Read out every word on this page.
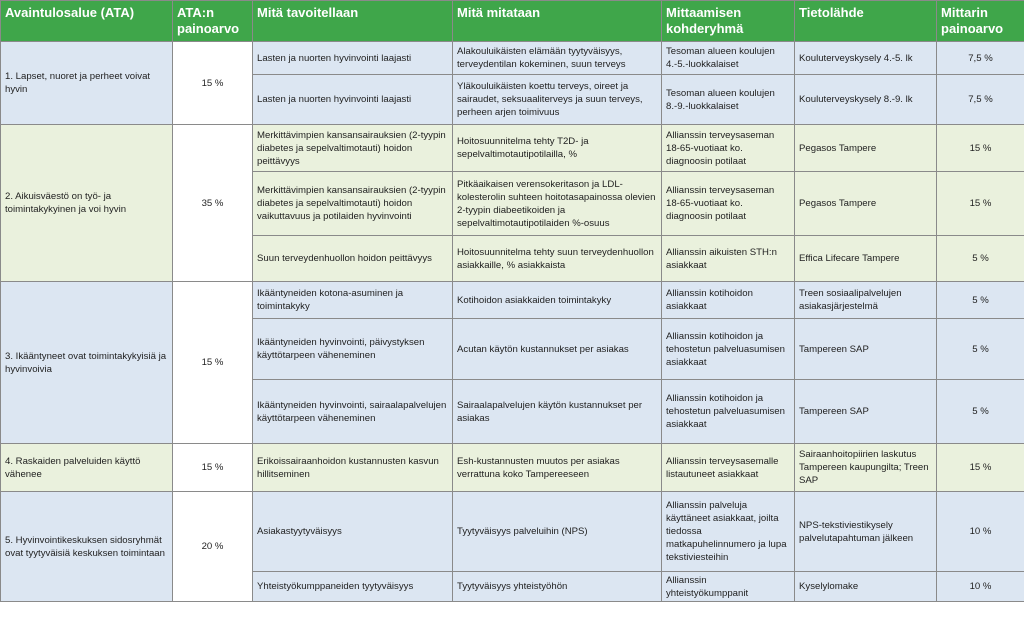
Avaintulosalue (ATA)	ATA:n painoarvo	Mitä tavoitellaan	Mitä mitataan	Mittaamisen kohderyhmä	Tietolähde	Mittarin painoarvo
1. Lapset, nuoret ja perheet voivat hyvin	15 %	Lasten ja nuorten hyvinvointi laajasti	Alakouluikäisten elämään tyytyväisyys, terveydentilan kokeminen, suun terveys	Tesoman alueen koulujen 4.-5.-luokkalaiset	Kouluterveyskysely 4.-5. lk	7,5 %
		Lasten ja nuorten hyvinvointi laajasti	Yläkouluikäisten koettu terveys, oireet ja sairaudet, seksuaaliterveys ja suun terveys, perheen arjen toimivuus	Tesoman alueen koulujen 8.-9.-luokkalaiset	Kouluterveyskysely 8.-9. lk	7,5 %
2. Aikuisväestö on työ- ja toimintakykyinen ja voi hyvin	35 %	Merkittävimpien kansansairauksien (2-tyypin diabetes ja sepelvaltimotauti) hoidon peittävyys	Hoitosuunnitelma tehty T2D- ja sepelvaltimotautipotilailla, %	Allianssin terveysaseman 18-65-vuotiaat ko. diagnoosin potilaat	Pegasos Tampere	15 %
		Merkittävimpien kansansairauksien (2-tyypin diabetes ja sepelvaltimotauti) hoidon vaikuttavuus ja potilaiden hyvinvointi	Pitkäaikaisen verensokeritason ja LDL-kolesterolin suhteen hoitotasapainossa olevien 2-tyypin diabeetikoiden ja sepelvaltimotautipotilaiden %-osuus	Allianssin terveysaseman 18-65-vuotiaat ko. diagnoosin potilaat	Pegasos Tampere	15 %
		Suun terveydenhuollon hoidon peittävyys	Hoitosuunnitelma tehty suun terveydenhuollon asiakkaille, % asiakkaista	Allianssin aikuisten STH:n asiakkaat	Effica Lifecare Tampere	5 %
3. Ikääntyneet ovat toimintakykyisiä ja hyvinvoivia	15 %	Ikääntyneiden kotona-asuminen ja toimintakyky	Kotihoidon asiakkaiden toimintakyky	Allianssin kotihoidon asiakkaat	Treen sosiaalipalvelujen asiakasjärjestelmä	5 %
		Ikääntyneiden hyvinvointi, päivystyksen käyttötarpeen väheneminen	Acutan käytön kustannukset per asiakas	Allianssin kotihoidon ja tehostetun palveluasumisen asiakkaat	Tampereen SAP	5 %
		Ikääntyneiden hyvinvointi, sairaalapalvelujen käyttötarpeen väheneminen	Sairaalapalvelujen käytön kustannukset per asiakas	Allianssin kotihoidon ja tehostetun palveluasumisen asiakkaat	Tampereen SAP	5 %
4. Raskaiden palveluiden käyttö vähenee	15 %	Erikoissairaanhoidon kustannusten kasvun hillitseminen	Esh-kustannusten muutos per asiakas verrattuna koko Tampereeseen	Allianssin terveysasemalle listautuneet asiakkaat	Sairaanhoitopiirien laskutus Tampereen kaupungilta; Treen SAP	15 %
5. Hyvinvointikeskuksen sidosryhmät ovat tyytyväisiä keskuksen toimintaan	20 %	Asiakastyytyväisyys	Tyytyväisyys palveluihin (NPS)	Allianssin palveluja käyttäneet asiakkaat, joilta tiedossa matkapuhelinnumero ja lupa tekstiviesteihin	NPS-tekstiviestikysely palvelutapahtuman jälkeen	10 %
		Yhteistyökumppaneiden tyytyväisyys	Tyytyväisyys yhteistyöhön	Allianssin yhteistyökumppanit	Kyselylomake	10 %
